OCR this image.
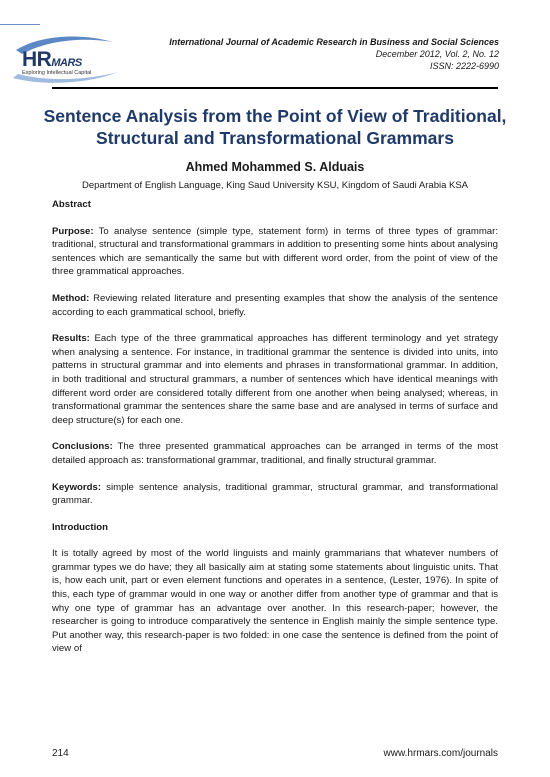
HRMARS
Exploring Intellectual Capital
International Journal of Academic Research in Business and Social Sciences
December 2012, Vol. 2, No. 12
ISSN: 2222-6990
Sentence Analysis from the Point of View of Traditional,
Structural and Transformational Grammars
Ahmed Mohammed S. Alduais
Department of English Language, King Saud University KSU, Kingdom of Saudi Arabia KSA
Abstract

Purpose: To analyse sentence (simple type, statement form) in terms of three types of grammar: traditional, structural and transformational grammars in addition to presenting some hints about analysing sentences which are semantically the same but with different word order, from the point of view of the three grammatical approaches.

Method: Reviewing related literature and presenting examples that show the analysis of the sentence according to each grammatical school, briefly.

Results: Each type of the three grammatical approaches has different terminology and yet strategy when analysing a sentence. For instance, in traditional grammar the sentence is divided into units, into patterns in structural grammar and into elements and phrases in transformational grammar. In addition, in both traditional and structural grammars, a number of sentences which have identical meanings with different word order are considered totally different from one another when being analysed; whereas, in transformational grammar the sentences share the same base and are analysed in terms of surface and deep structure(s) for each one.

Conclusions: The three presented grammatical approaches can be arranged in terms of the most detailed approach as: transformational grammar, traditional, and finally structural grammar.

Keywords: simple sentence analysis, traditional grammar, structural grammar, and transformational grammar.

Introduction

It is totally agreed by most of the world linguists and mainly grammarians that whatever numbers of grammar types we do have; they all basically aim at stating some statements about linguistic units. That is, how each unit, part or even element functions and operates in a sentence, (Lester, 1976). In spite of this, each type of grammar would in one way or another differ from another type of grammar and that is why one type of grammar has an advantage over another. In this research-paper; however, the researcher is going to introduce comparatively the sentence in English mainly the simple sentence type. Put another way, this research-paper is two folded: in one case the sentence is defined from the point of view of

214	www.hrmars.com/journals
